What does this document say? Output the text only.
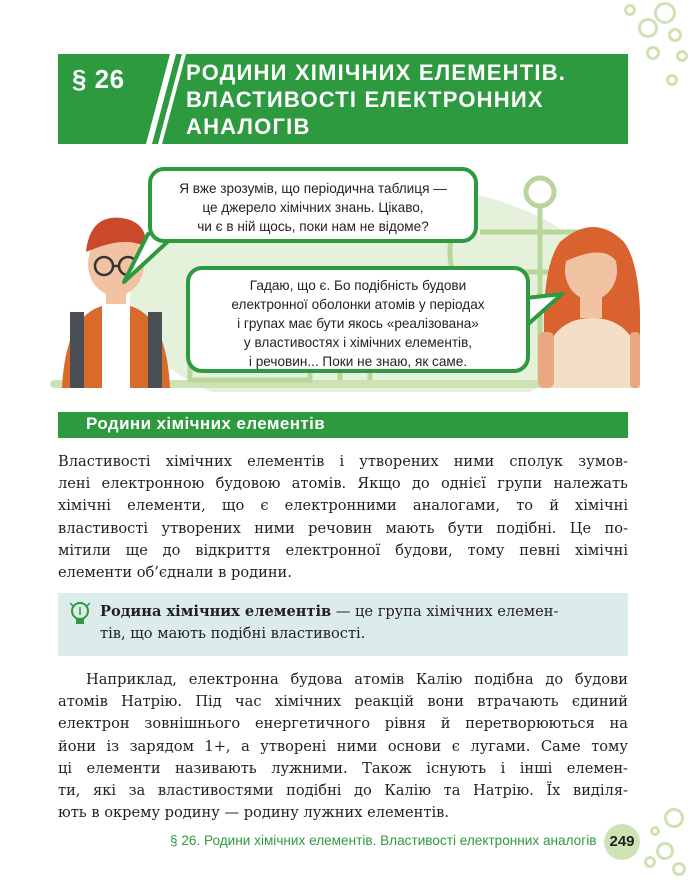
§ 26	РОДИНИ ХІМІЧНИХ ЕЛЕМЕНТІВ.
ВЛАСТИВОСТІ ЕЛЕКТРОННИХ
АНАЛОГІВ
Я вже зрозумів, що періодична таблиця —
це джерело хімічних знань. Цікаво,
чи є в ній щось, поки нам не відоме?
Гадаю, що є. Бо подібність будови
електронної оболонки атомів у періодах
і групах має бути якось «реалізована»
у властивостях і хімічних елементів,
і речовин... Поки не знаю, як саме.
Родини хімічних елементів
Властивості хімічних елементів і утворених ними сполук зумов-
лені електронною будовою атомів. Якщо до однієї групи належать
хімічні елементи, що є електронними аналогами, то й хімічні
властивості утворених ними речовин мають бути подібні. Це по-
мітили ще до відкриття електронної будови, тому певні хімічні
елементи об’єднали в родини.
Родина хімічних елементів — це група хімічних елемен-
тів, що мають подібні властивості.
Наприклад, електронна будова атомів Калію подібна до будови
атомів Натрію. Під час хімічних реакцій вони втрачають єдиний
електрон зовнішнього енергетичного рівня й перетворюються на
йони із зарядом 1+, а утворені ними основи є лугами. Саме тому
ці елементи називають лужними. Також існують і інші елемен-
ти, які за властивостями подібні до Калію та Натрію. Їх виділя-
ють в окрему родину — родину лужних елементів.
§ 26. Родини хімічних елементів. Властивості електронних аналогів 249
